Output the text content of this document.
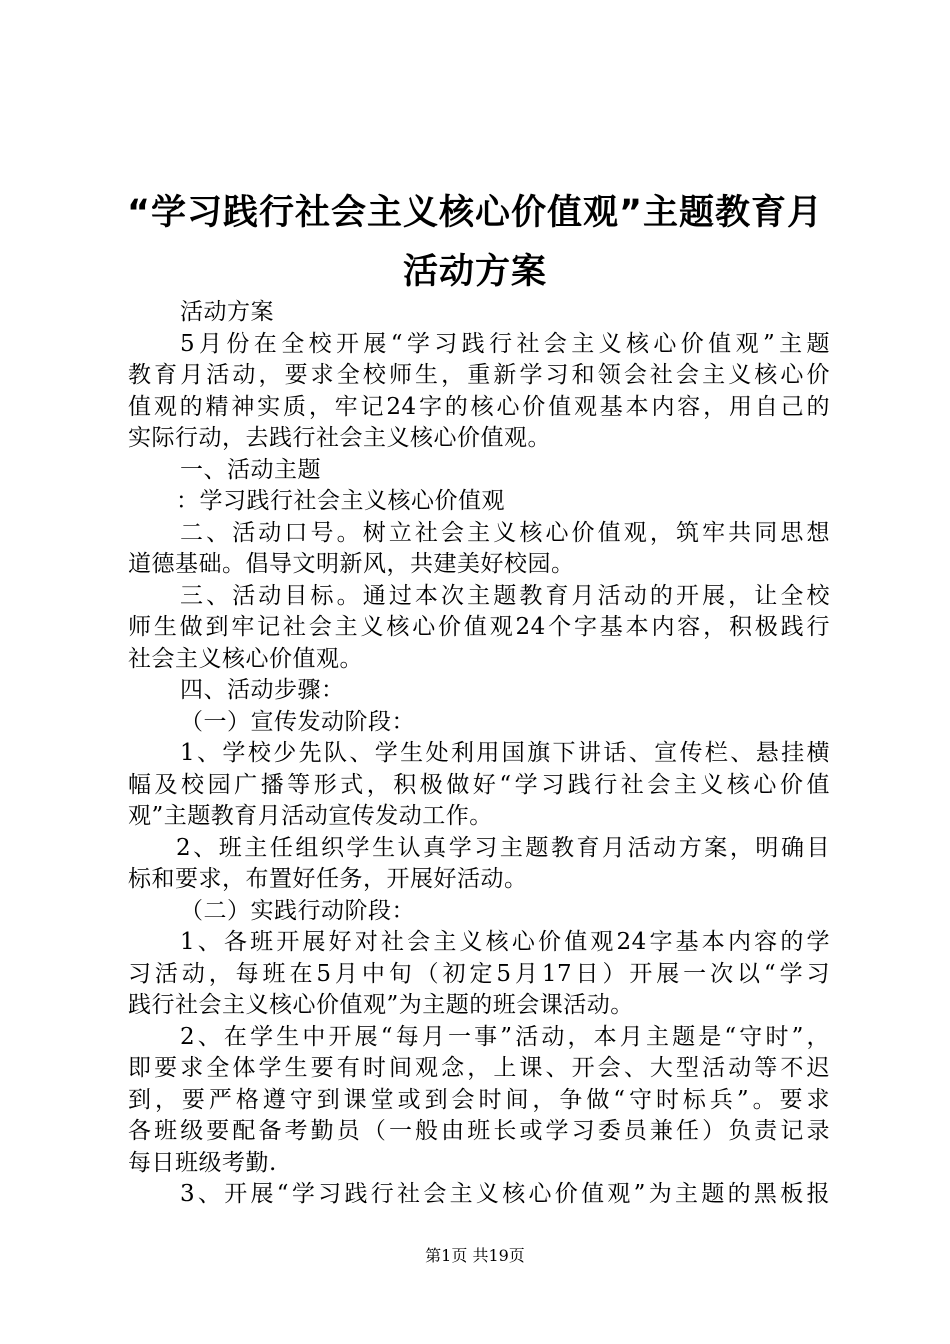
“学习践行社会主义核心价值观”主题教育月
活动方案
活动方案
5月份在全校开展“学习践行社会主义核心价值观”主题
教育月活动，要求全校师生，重新学习和领会社会主义核心价
值观的精神实质，牢记24字的核心价值观基本内容，用自己的
实际行动，去践行社会主义核心价值观。
一、活动主题
：学习践行社会主义核心价值观
二、活动口号。树立社会主义核心价值观，筑牢共同思想
道德基础。倡导文明新风，共建美好校园。
三、活动目标。通过本次主题教育月活动的开展，让全校
师生做到牢记社会主义核心价值观24个字基本内容，积极践行
社会主义核心价值观。
四、活动步骤：
（一）宣传发动阶段：
1、学校少先队、学生处利用国旗下讲话、宣传栏、悬挂横
幅及校园广播等形式，积极做好“学习践行社会主义核心价值
观”主题教育月活动宣传发动工作。
2、班主任组织学生认真学习主题教育月活动方案，明确目
标和要求，布置好任务，开展好活动。
（二）实践行动阶段：
1、各班开展好对社会主义核心价值观24字基本内容的学
习活动，每班在5月中旬（初定5月17日）开展一次以“学习
践行社会主义核心价值观”为主题的班会课活动。
2、在学生中开展“每月一事”活动，本月主题是“守时”，
即要求全体学生要有时间观念，上课、开会、大型活动等不迟
到，要严格遵守到课堂或到会时间，争做“守时标兵”。要求
各班级要配备考勤员（一般由班长或学习委员兼任）负责记录
每日班级考勤.
3、开展“学习践行社会主义核心价值观”为主题的黑板报
第1页 共19页
